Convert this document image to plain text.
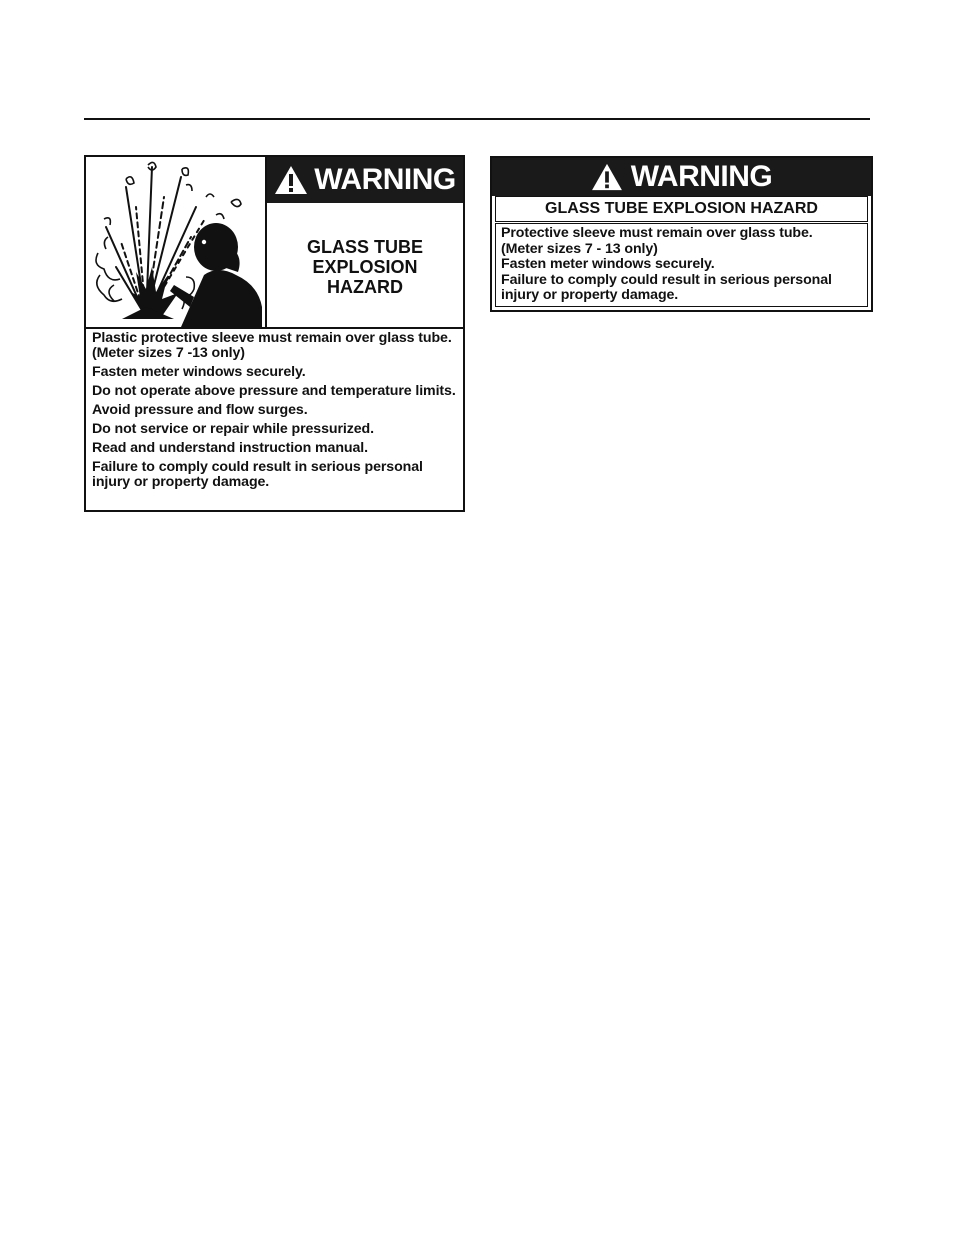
WARNING
GLASS TUBE
EXPLOSION
HAZARD

Plastic protective sleeve must remain over glass tube. (Meter sizes 7 -13 only)

Fasten meter windows securely.

Do not operate above pressure and temperature limits.

Avoid pressure and flow surges.

Do not service or repair while pressurized.

Read and understand instruction manual.

Failure to comply could result in serious personal injury or property damage.

WARNING
GLASS TUBE EXPLOSION HAZARD

Protective sleeve must remain over glass tube.

(Meter sizes 7 - 13 only)

Fasten meter windows securely.

Failure to comply could result in serious personal injury or property damage.
